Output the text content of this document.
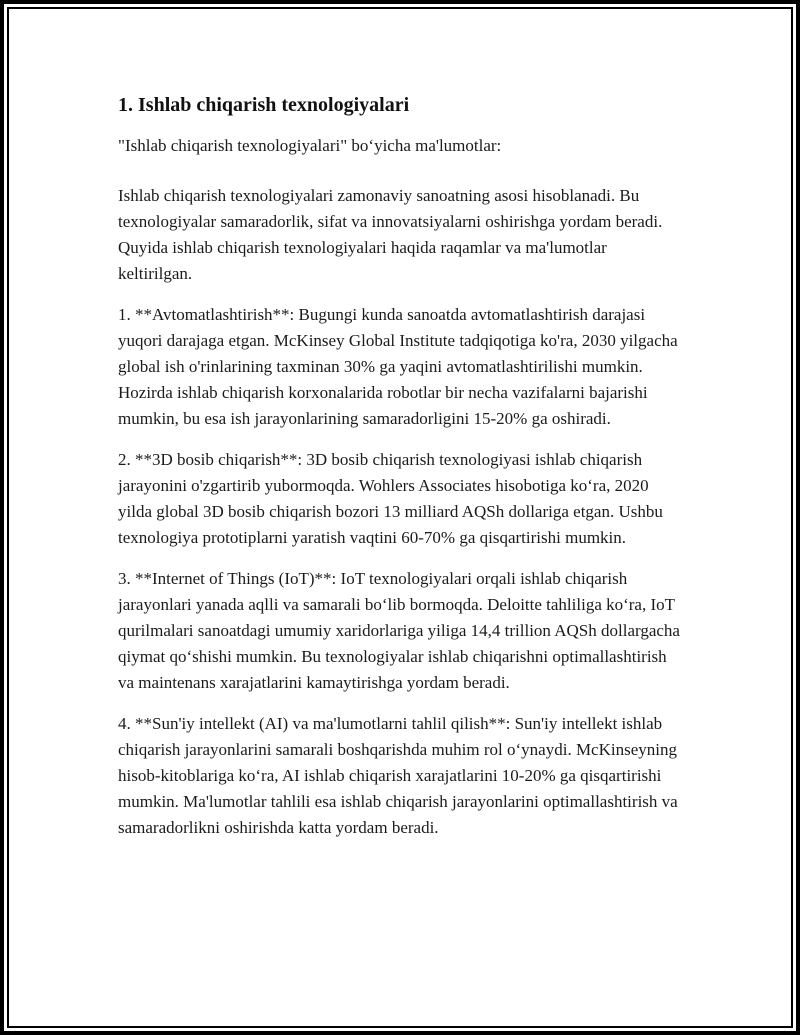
1. Ishlab chiqarish texnologiyalari

"Ishlab chiqarish texnologiyalari" boʻyicha ma'lumotlar:

Ishlab chiqarish texnologiyalari zamonaviy sanoatning asosi hisoblanadi. Bu texnologiyalar samaradorlik, sifat va innovatsiyalarni oshirishga yordam beradi. Quyida ishlab chiqarish texnologiyalari haqida raqamlar va ma'lumotlar keltirilgan.

1. **Avtomatlashtirish**: Bugungi kunda sanoatda avtomatlashtirish darajasi yuqori darajaga etgan. McKinsey Global Institute tadqiqotiga ko'ra, 2030 yilgacha global ish o'rinlarining taxminan 30% ga yaqini avtomatlashtirilishi mumkin. Hozirda ishlab chiqarish korxonalarida robotlar bir necha vazifalarni bajarishi mumkin, bu esa ish jarayonlarining samaradorligini 15-20% ga oshiradi.

2. **3D bosib chiqarish**: 3D bosib chiqarish texnologiyasi ishlab chiqarish jarayonini o'zgartirib yubormoqda. Wohlers Associates hisobotiga koʻra, 2020 yilda global 3D bosib chiqarish bozori 13 milliard AQSh dollariga etgan. Ushbu texnologiya prototiplarni yaratish vaqtini 60-70% ga qisqartirishi mumkin.

3. **Internet of Things (IoT)**: IoT texnologiyalari orqali ishlab chiqarish jarayonlari yanada aqlli va samarali boʻlib bormoqda. Deloitte tahliliga koʻra, IoT qurilmalari sanoatdagi umumiy xaridorlariga yiliga 14,4 trillion AQSh dollargacha qiymat qoʻshishi mumkin. Bu texnologiyalar ishlab chiqarishni optimallashtirish va maintenans xarajatlarini kamaytirishga yordam beradi.

4. **Sun'iy intellekt (AI) va ma'lumotlarni tahlil qilish**: Sun'iy intellekt ishlab chiqarish jarayonlarini samarali boshqarishda muhim rol oʻynaydi. McKinseyning hisob-kitoblariga koʻra, AI ishlab chiqarish xarajatlarini 10-20% ga qisqartirishi mumkin. Ma'lumotlar tahlili esa ishlab chiqarish jarayonlarini optimallashtirish va samaradorlikni oshirishda katta yordam beradi.
